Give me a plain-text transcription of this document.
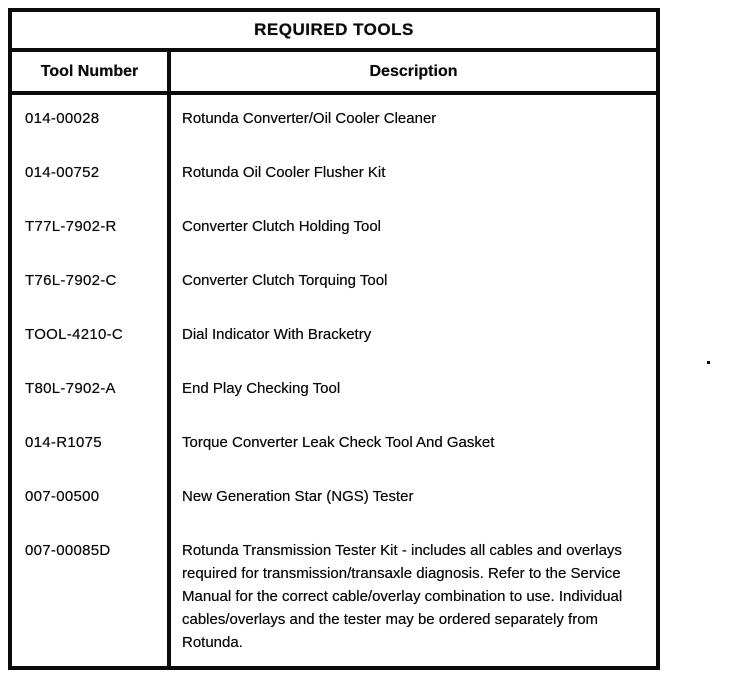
REQUIRED TOOLS
Tool Number	Description
014-00028	Rotunda Converter/Oil Cooler Cleaner
014-00752	Rotunda Oil Cooler Flusher Kit
T77L-7902-R	Converter Clutch Holding Tool
T76L-7902-C	Converter Clutch Torquing Tool
TOOL-4210-C	Dial Indicator With Bracketry
T80L-7902-A	End Play Checking Tool
014-R1075	Torque Converter Leak Check Tool And Gasket
007-00500	New Generation Star (NGS) Tester
007-00085D	Rotunda Transmission Tester Kit - includes all cables and overlays required for transmission/transaxle diagnosis. Refer to the Service Manual for the correct cable/overlay combination to use. Individual cables/overlays and the tester may be ordered separately from Rotunda.
